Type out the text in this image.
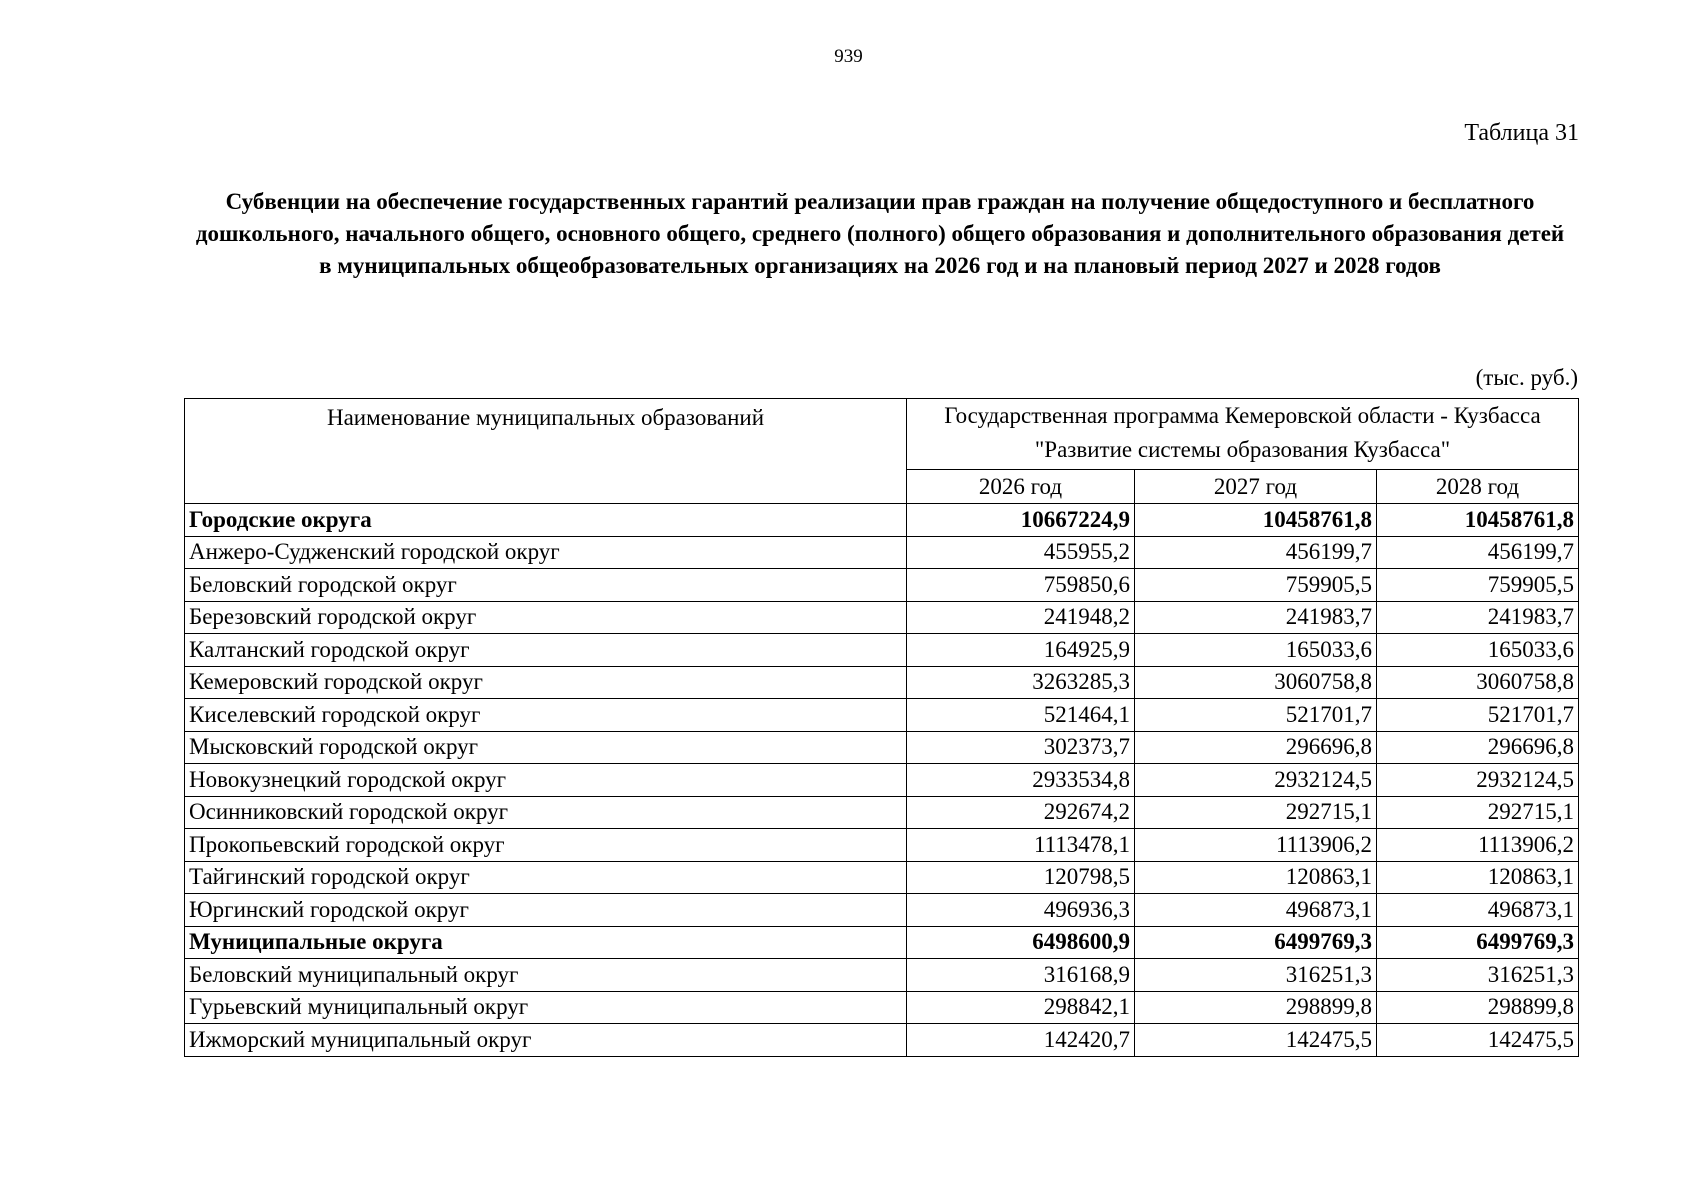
939
Таблица 31
Субвенции на обеспечение государственных гарантий реализации прав граждан на получение общедоступного и бесплатного дошкольного, начального общего, основного общего, среднего (полного) общего образования и дополнительного образования детей в муниципальных общеобразовательных организациях на 2026 год и на плановый период 2027 и 2028 годов
(тыс. руб.)
Наименование муниципальных образований	Государственная программа Кемеровской области - Кузбасса "Развитие системы образования Кузбасса"		
	2026 год	2027 год	2028 год
Городские округа	10667224,9	10458761,8	10458761,8
Анжеро-Судженский городской округ	455955,2	456199,7	456199,7
Беловский городской округ	759850,6	759905,5	759905,5
Березовский городской округ	241948,2	241983,7	241983,7
Калтанский городской округ	164925,9	165033,6	165033,6
Кемеровский городской округ	3263285,3	3060758,8	3060758,8
Киселевский городской округ	521464,1	521701,7	521701,7
Мысковский городской округ	302373,7	296696,8	296696,8
Новокузнецкий городской округ	2933534,8	2932124,5	2932124,5
Осинниковский городской округ	292674,2	292715,1	292715,1
Прокопьевский городской округ	1113478,1	1113906,2	1113906,2
Тайгинский городской округ	120798,5	120863,1	120863,1
Юргинский городской округ	496936,3	496873,1	496873,1
Муниципальные округа	6498600,9	6499769,3	6499769,3
Беловский муниципальный округ	316168,9	316251,3	316251,3
Гурьевский муниципальный округ	298842,1	298899,8	298899,8
Ижморский муниципальный округ	142420,7	142475,5	142475,5
